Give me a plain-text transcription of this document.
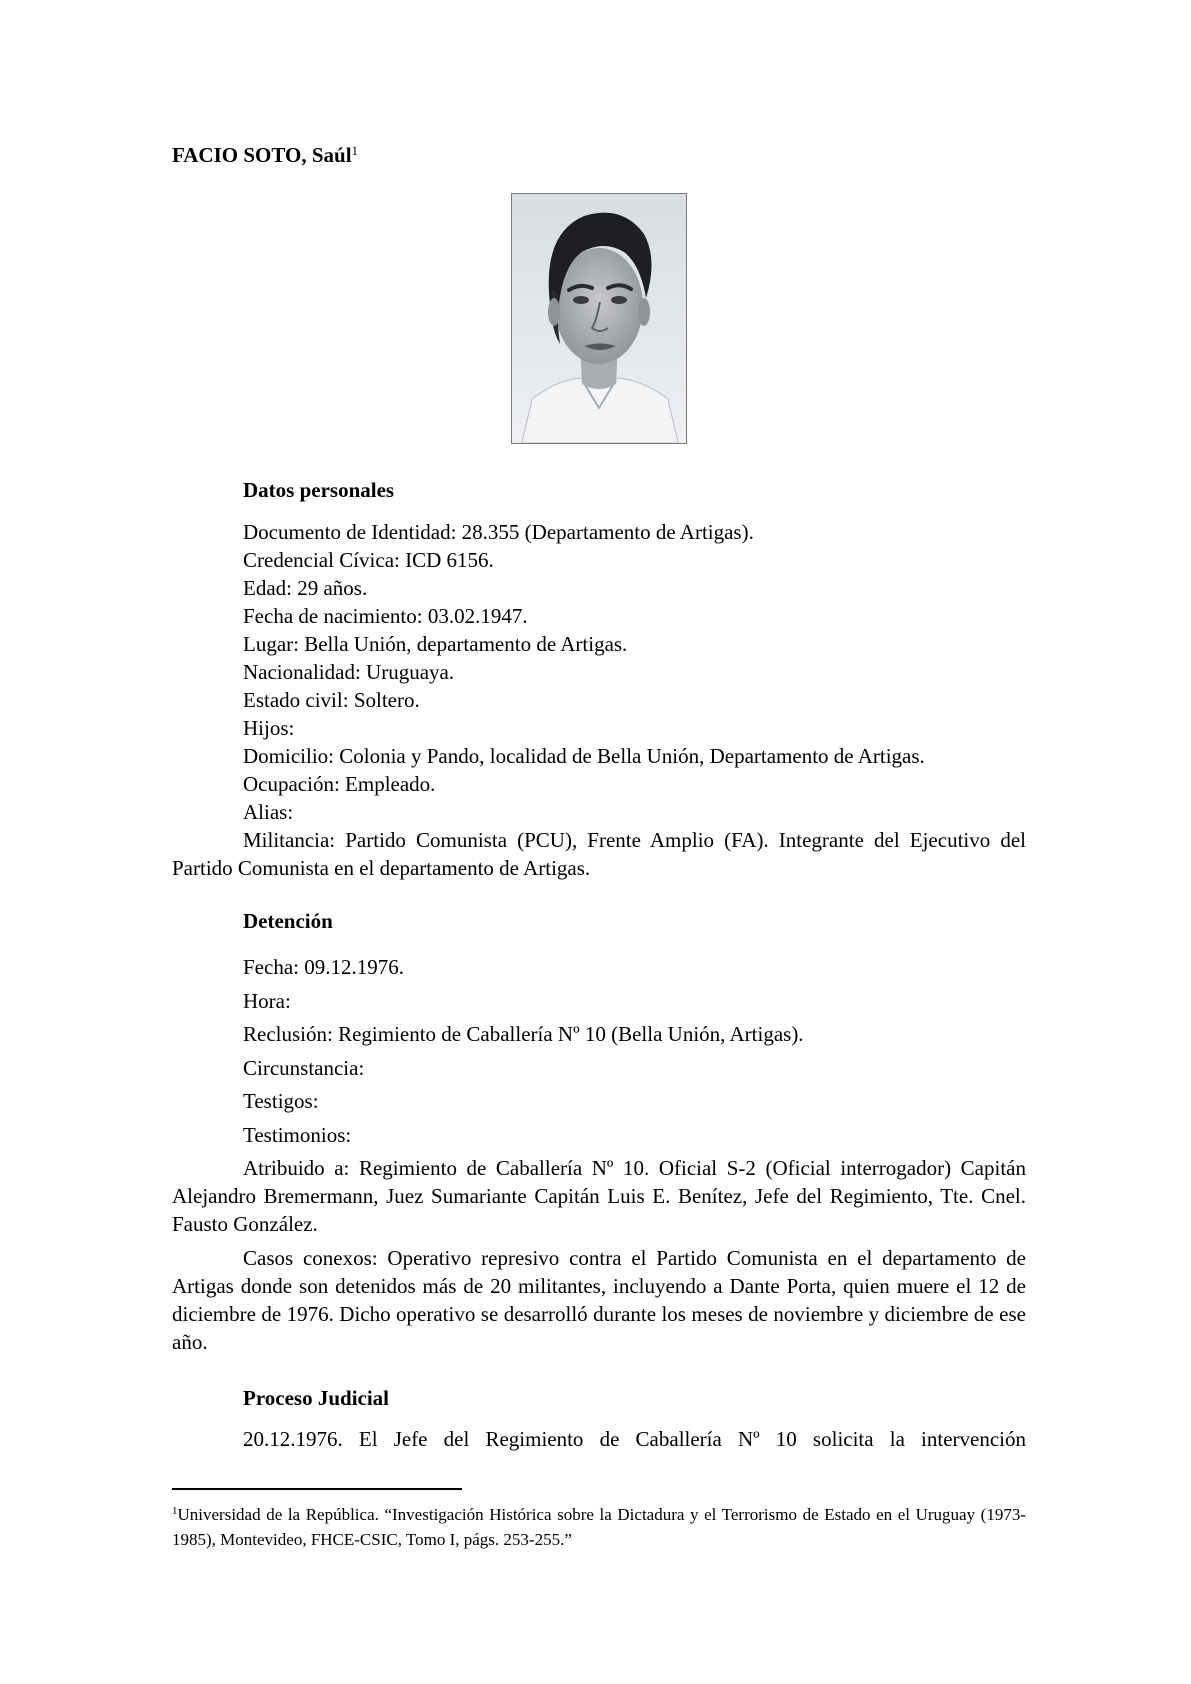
FACIO SOTO, Saúl$^1$
Datos personales
Documento de Identidad: 28.355 (Departamento de Artigas).
Credencial Cívica: ICD 6156.
Edad: 29 años.
Fecha de nacimiento: 03.02.1947.
Lugar: Bella Unión, departamento de Artigas.
Nacionalidad: Uruguaya.
Estado civil: Soltero.
Hijos:
Domicilio: Colonia y Pando, localidad de Bella Unión, Departamento de Artigas.
Ocupación: Empleado.
Alias:
Militancia: Partido Comunista (PCU), Frente Amplio (FA). Integrante del Ejecutivo del Partido Comunista en el departamento de Artigas.
Detención
Fecha: 09.12.1976.
Hora:
Reclusión: Regimiento de Caballería Nº 10 (Bella Unión, Artigas).
Circunstancia:
Testigos:
Testimonios:
Atribuido a: Regimiento de Caballería Nº 10. Oficial S-2 (Oficial interrogador) Capitán Alejandro Bremermann, Juez Sumariante Capitán Luis E. Benítez, Jefe del Regimiento, Tte. Cnel. Fausto González.
Casos conexos: Operativo represivo contra el Partido Comunista en el departamento de Artigas donde son detenidos más de 20 militantes, incluyendo a Dante Porta, quien muere el 12 de diciembre de 1976. Dicho operativo se desarrolló durante los meses de noviembre y diciembre de ese año.
Proceso Judicial
20.12.1976. El Jefe del Regimiento de Caballería Nº 10 solicita la intervención
$^1$Universidad de la República. “Investigación Histórica sobre la Dictadura y el Terrorismo de Estado en el Uruguay (1973-1985), Montevideo, FHCE-CSIC, Tomo I, págs. 253-255.”
